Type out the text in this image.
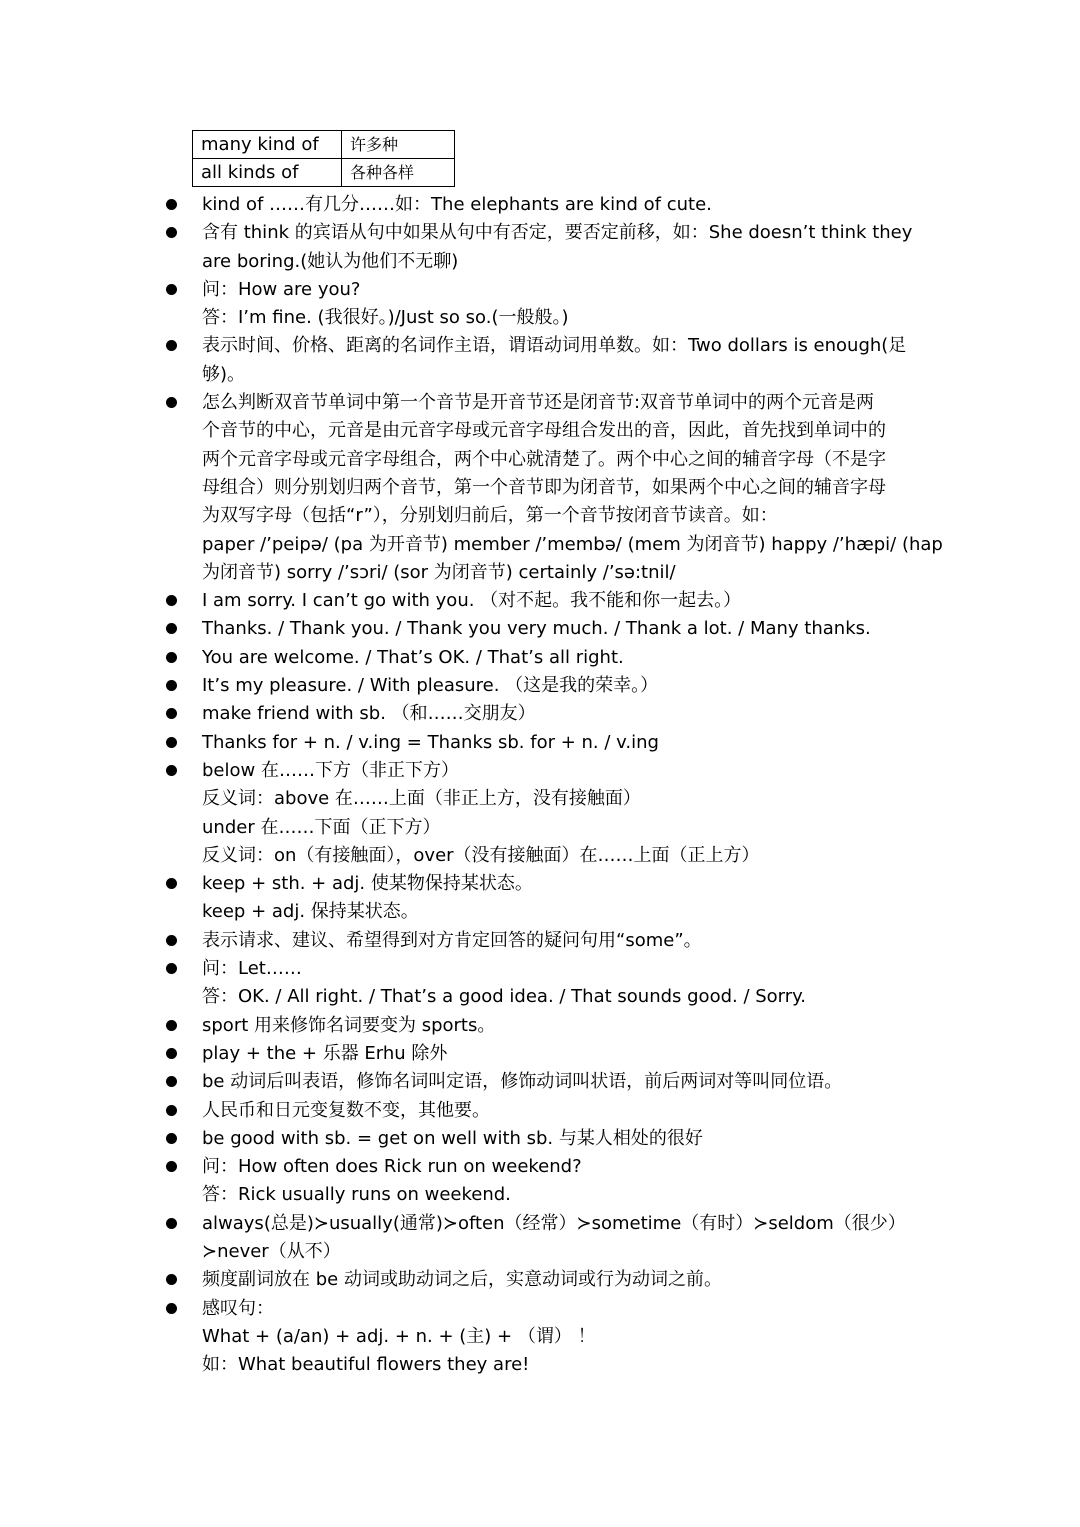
many kind of	许多种
all kinds of	各种各样
kind of ……有几分……如：The elephants are kind of cute.
含有 think 的宾语从句中如果从句中有否定，要否定前移，如：She doesn’t think they
are boring.(她认为他们不无聊)
问：How are you?
答：I’m fine. (我很好。)/Just so so.(一般般。)
表示时间、价格、距离的名词作主语，谓语动词用单数。如：Two dollars is enough(足
够)。
怎么判断双音节单词中第一个音节是开音节还是闭音节:双音节单词中的两个元音是两
个音节的中心，元音是由元音字母或元音字母组合发出的音，因此，首先找到单词中的
两个元音字母或元音字母组合，两个中心就清楚了。两个中心之间的辅音字母（不是字
母组合）则分别划归两个音节，第一个音节即为闭音节，如果两个中心之间的辅音字母
为双写字母（包括“r”），分别划归前后，第一个音节按闭音节读音。如：
paper /’peipə/ (pa 为开音节) member /’membə/ (mem 为闭音节) happy /’hæpi/ (hap
为闭音节) sorry /’sɔri/ (sor 为闭音节) certainly /’sə:tnil/
I am sorry. I can’t go with you. （对不起。我不能和你一起去。）
Thanks. / Thank you. / Thank you very much. / Thank a lot. / Many thanks.
You are welcome. / That’s OK. / That’s all right.
It’s my pleasure. / With pleasure. （这是我的荣幸。）
make friend with sb. （和……交朋友）
Thanks for + n. / v.ing = Thanks sb. for + n. / v.ing
below 在……下方（非正下方）
反义词：above 在……上面（非正上方，没有接触面）
under 在……下面（正下方）
反义词：on（有接触面），over（没有接触面）在……上面（正上方）
keep + sth. + adj. 使某物保持某状态。
keep + adj. 保持某状态。
表示请求、建议、希望得到对方肯定回答的疑问句用“some”。
问：Let……
答：OK. / All right. / That’s a good idea. / That sounds good. / Sorry.
sport 用来修饰名词要变为 sports。
play + the + 乐器 Erhu 除外
be 动词后叫表语，修饰名词叫定语，修饰动词叫状语，前后两词对等叫同位语。
人民币和日元变复数不变，其他要。
be good with sb. = get on well with sb. 与某人相处的很好
问：How often does Rick run on weekend?
答：Rick usually runs on weekend.
always(总是)≻usually(通常)≻often（经常）≻sometime（有时）≻seldom（很少）
≻never（从不）
频度副词放在 be 动词或助动词之后，实意动词或行为动词之前。
感叹句：
What + (a/an) + adj. + n. + (主) + （谓） ！
如：What beautiful flowers they are!
